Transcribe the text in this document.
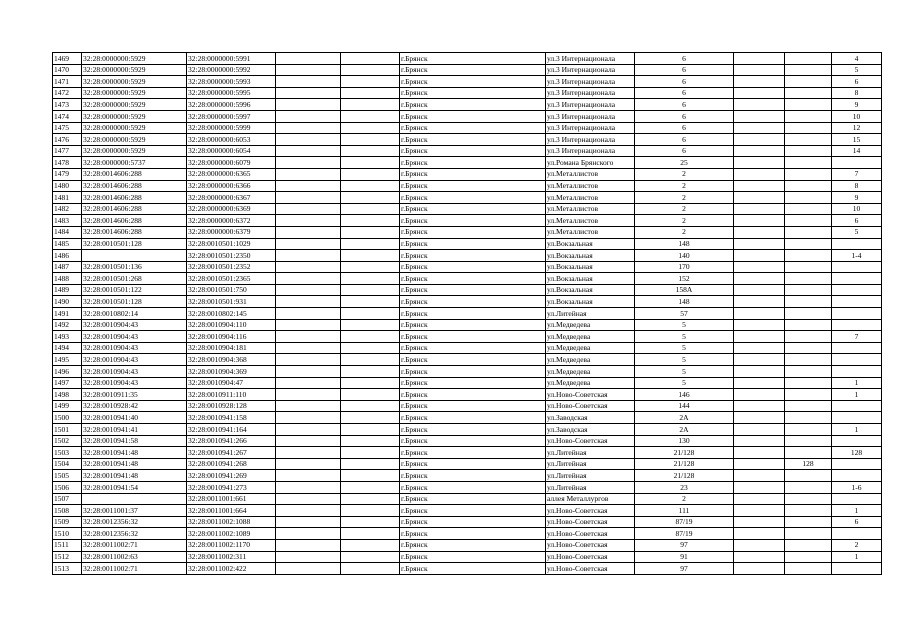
1469	32:28:0000000:5929	32:28:0000000:5991			г.Брянск	ул.3 Интернационала	6			4
1470	32:28:0000000:5929	32:28:0000000:5992			г.Брянск	ул.3 Интернационала	6			5
1471	32:28:0000000:5929	32:28:0000000:5993			г.Брянск	ул.3 Интернационала	6			6
1472	32:28:0000000:5929	32:28:0000000:5995			г.Брянск	ул.3 Интернационала	6			8
1473	32:28:0000000:5929	32:28:0000000:5996			г.Брянск	ул.3 Интернационала	6			9
1474	32:28:0000000:5929	32:28:0000000:5997			г.Брянск	ул.3 Интернационала	6			10
1475	32:28:0000000:5929	32:28:0000000:5999			г.Брянск	ул.3 Интернационала	6			12
1476	32:28:0000000:5929	32:28:0000000:6053			г.Брянск	ул.3 Интернационала	6			15
1477	32:28:0000000:5929	32:28:0000000:6054			г.Брянск	ул.3 Интернационала	6			14
1478	32:28:0000000:5737	32:28:0000000:6079			г.Брянск	ул.Романа Брянского	25			
1479	32:28:0014606:288	32:28:0000000:6365			г.Брянск	ул.Металлистов	2			7
1480	32:28:0014606:288	32:28:0000000:6366			г.Брянск	ул.Металлистов	2			8
1481	32:28:0014606:288	32:28:0000000:6367			г.Брянск	ул.Металлистов	2			9
1482	32:28:0014606:288	32:28:0000000:6369			г.Брянск	ул.Металлистов	2			10
1483	32:28:0014606:288	32:28:0000000:6372			г.Брянск	ул.Металлистов	2			6
1484	32:28:0014606:288	32:28:0000000:6379			г.Брянск	ул.Металлистов	2			5
1485	32:28:0010501:128	32:28:0010501:1029			г.Брянск	ул.Вокзальная	148			
1486		32:28:0010501:2350			г.Брянск	ул.Вокзальная	140			1-4
1487	32:28:0010501:136	32:28:0010501:2352			г.Брянск	ул.Вокзальная	170			
1488	32:28:0010501:268	32:28:0010501:2365			г.Брянск	ул.Вокзальная	152			
1489	32:28:0010501:122	32:28:0010501:750			г.Брянск	ул.Вокзальная	158А			
1490	32:28:0010501:128	32:28:0010501:931			г.Брянск	ул.Вокзальная	148			
1491	32:28:0010802:14	32:28:0010802:145			г.Брянск	ул.Литейная	57			
1492	32:28:0010904:43	32:28:0010904:110			г.Брянск	ул.Медведева	5			
1493	32:28:0010904:43	32:28:0010904:116			г.Брянск	ул.Медведева	5			7
1494	32:28:0010904:43	32:28:0010904:181			г.Брянск	ул.Медведева	5			
1495	32:28:0010904:43	32:28:0010904:368			г.Брянск	ул.Медведева	5			
1496	32:28:0010904:43	32:28:0010904:369			г.Брянск	ул.Медведева	5			
1497	32:28:0010904:43	32:28:0010904:47			г.Брянск	ул.Медведева	5			1
1498	32:28:0010911:35	32:28:0010911:110			г.Брянск	ул.Ново-Советская	146			1
1499	32:28:0010928:42	32:28:0010928:128			г.Брянск	ул.Ново-Советская	144			
1500	32:28:0010941:40	32:28:0010941:158			г.Брянск	ул.Заводская	2А			
1501	32:28:0010941:41	32:28:0010941:164			г.Брянск	ул.Заводская	2А			1
1502	32:28:0010941:58	32:28:0010941:266			г.Брянск	ул.Ново-Советская	130			
1503	32:28:0010941:48	32:28:0010941:267			г.Брянск	ул.Литейная	21/128			128
1504	32:28:0010941:48	32:28:0010941:268			г.Брянск	ул.Литейная	21/128		128	
1505	32:28:0010941:48	32:28:0010941:269			г.Брянск	ул.Литейная	21/128			
1506	32:28:0010941:54	32:28:0010941:273			г.Брянск	ул.Литейная	23			1-6
1507		32:28:0011001:661			г.Брянск	аллея Металлургов	2			
1508	32:28:0011001:37	32:28:0011001:664			г.Брянск	ул.Ново-Советская	111			1
1509	32:28:0012356:32	32:28:0011002:1088			г.Брянск	ул.Ново-Советская	87/19			6
1510	32:28:0012356:32	32:28:0011002:1089			г.Брянск	ул.Ново-Советская	87/19			
1511	32:28:0011002:71	32:28:0011002:1170			г.Брянск	ул.Ново-Советская	97			2
1512	32:28:0011002:63	32:28:0011002:311			г.Брянск	ул.Ново-Советская	91			1
1513	32:28:0011002:71	32:28:0011002:422			г.Брянск	ул.Ново-Советская	97			
